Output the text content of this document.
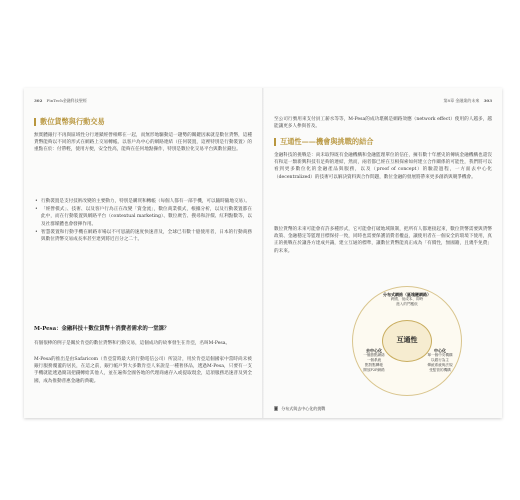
302 FinTech金融科技聖經
數位貨幣與行動交易

無實體銀行不再與區域性分行連鎖經營相綁在一起，而無形地驅動這一趨勢的關鍵因素就是數位貨幣，這種貨幣能夠以不同的形式在網路上交易轉帳。以客戶為中心的網路連結（任何裝置，這裡特別是行動裝置）的重點在於：付帶輕，使用方便，安全性高，能夠在任何地點操作，特別是數位化交易平台與數位錢包。

• 行動裝置是支付技術改變的主要動力，特別是購買和轉帳（每個人都有一部手機，可以隨時隨地交易）。
• 「經營模式」、技術、以及客戶行為正在改變「資金流」，數位商業模式，根據分析，以及行動裝置都在此中，而在行動裝置與網路平台（contextual marketing）、數位廣告、搜尋和評價、紅利點數等，以及社群媒體也會發揮作用。
• 智慧裝置和行動手機在網路市場以不可思議的速度快速普及，全球已有數十億使用者，日本的行動商務與數位貨幣交易成長率甚至達到將近百分之二十。
M-Pesa：金融科技＋數位貨幣＋消費者需求的一堂課？

有個很棒的例子是關於肯亞的數位貨幣和行動交易，這個成功的故事發生在肯亞，名叫M-Pesa。

M-Pesa的推出是由Safaricom（肯亞當時最大的行動電信公司）所設計，用於肯亞這個國家中當時尚未被銀行服務覆蓋的居民，在這之前，銀行帳戶對大多數肯亞人來說是一種奢侈品，透過M-Pesa，只要有一支手機就能透過簡訊把錢轉給其他人，並在遍佈全國各地的代理商處存入或提取現金，這項服務迅速普及到全國，成為推動普惠金融的典範。

第8章 金融業的未來 303

至公司行號用來支付員工薪水等等，M-Pesa的成功堪稱是網路效應（network effect）使用的人越多，越能讓更多人參與普及。

互通性——機會與挑戰的結合

金融科技的挑戰是：尚未取得既有金融機構和金融監理單位的信任，擁有數十年歷史的傳統金融機構也還沒有和這一類新興科技有足夠的連結，然而，兩者都已經在互相探索如何建立合作關係的可能性，我們將可以看到更多數位化的金融產品與服務，以及（proof of concept）的驗證過程，一方面去中心化（decentralized）的技術可以解決資料與合作問題，數位金融的發展將帶來更多創新與競爭機會。

數位貨幣的未來可能會有許多種形式，它可能會打破地域限制，把所有人都連接起來，數位貨幣需要與貨幣政策、金融穩定等監理目標保持一致，同時也需要保護消費者權益，讓使用者在一個安全的環境下使用，真正的挑戰在於讓各方達成共識，建立互通的標準，讓數位貨幣能真正成為「有價性，無國籍，且幾乎免費」的未來。

互通性
分布式網絡（區塊鏈網路）
跨國、低成本、即時
進入的門檻低
去中心化
一個節點網絡
一個系統
點對點轉帳
開放P2P網路
中心化
單一個中央機構
以銀行為主
傳統系統與法規
受監管的機構
圖 分布式與去中心化的挑戰
